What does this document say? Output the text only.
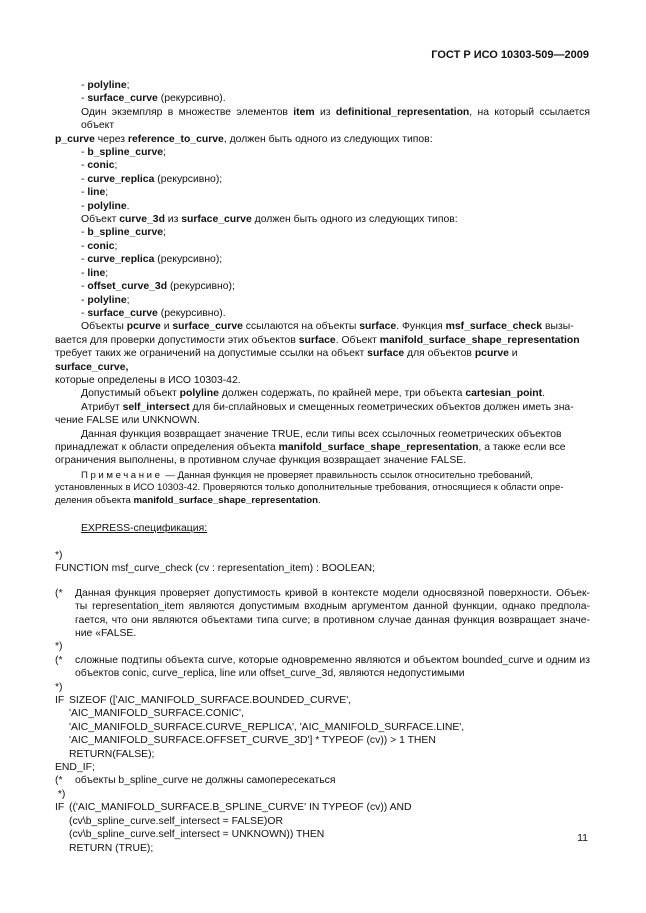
ГОСТ Р ИСО 10303-509—2009
- polyline;
- surface_curve (рекурсивно).
Один экземпляр в множестве элементов item из definitional_representation, на который ссылается объект
p_curve через reference_to_curve, должен быть одного из следующих типов:
- b_spline_curve;
- conic;
- curve_replica (рекурсивно);
- line;
- polyline.
Объект curve_3d из surface_curve должен быть одного из следующих типов:
- b_spline_curve;
- conic;
- curve_replica (рекурсивно);
- line;
- offset_curve_3d (рекурсивно);
- polyline;
- surface_curve (рекурсивно).
Объекты pcurve и surface_curve ссылаются на объекты surface. Функция msf_surface_check вызы-
вается для проверки допустимости этих объектов surface. Объект manifold_surface_shape_representation
требует таких же ограничений на допустимые ссылки на объект surface для объектов pcurve и surface_curve,
которые определены в ИСО 10303-42.
Допустимый объект polyline должен содержать, по крайней мере, три объекта cartesian_point.
Атрибут self_intersect для би-сплайновых и смещенных геометрических объектов должен иметь зна-
чение FALSE или UNKNOWN.
Данная функция возвращает значение TRUE, если типы всех ссылочных геометрических объектов
принадлежат к области определения объекта manifold_surface_shape_representation, а также если все
ограничения выполнены, в противном случае функция возвращает значение FALSE.
Примечание — Данная функция не проверяет правильность ссылок относительно требований,
установленных в ИСО 10303-42. Проверяются только дополнительные требования, относящиеся к области опре-
деления объекта manifold_surface_shape_representation.
EXPRESS-спецификация:
*)
FUNCTION msf_curve_check (cv : representation_item) : BOOLEAN;
(*	Данная функция проверяет допустимость кривой в контексте модели односвязной поверхности. Объек-ты representation_item являются допустимым входным аргументом данной функции, однако предпола-гается, что они являются объектами типа curve; в противном случае данная функция возвращает значе-ние «FALSE.
*)
(*	сложные подтипы объекта curve, которые одновременно являются и объектом bounded_curve и одним из объектов conic, curve_replica, line или offset_curve_3d, являются недопустимыми
*)
IF SIZEOF (['AIC_MANIFOLD_SURFACE.BOUNDED_CURVE',
'AIC_MANIFOLD_SURFACE.CONIC',
'AIC_MANIFOLD_SURFACE.CURVE_REPLICA', 'AIC_MANIFOLD_SURFACE.LINE',
'AIC_MANIFOLD_SURFACE.OFFSET_CURVE_3D'] * TYPEOF (cv)) > 1 THEN
RETURN(FALSE);
END_IF;
(*	объекты b_spline_curve не должны самопересекаться
*)
IF (('AIC_MANIFOLD_SURFACE.B_SPLINE_CURVE' IN TYPEOF (cv)) AND
(cv\b_spline_curve.self_intersect = FALSE)OR
(cv\b_spline_curve.self_intersect = UNKNOWN)) THEN
RETURN (TRUE);
11
